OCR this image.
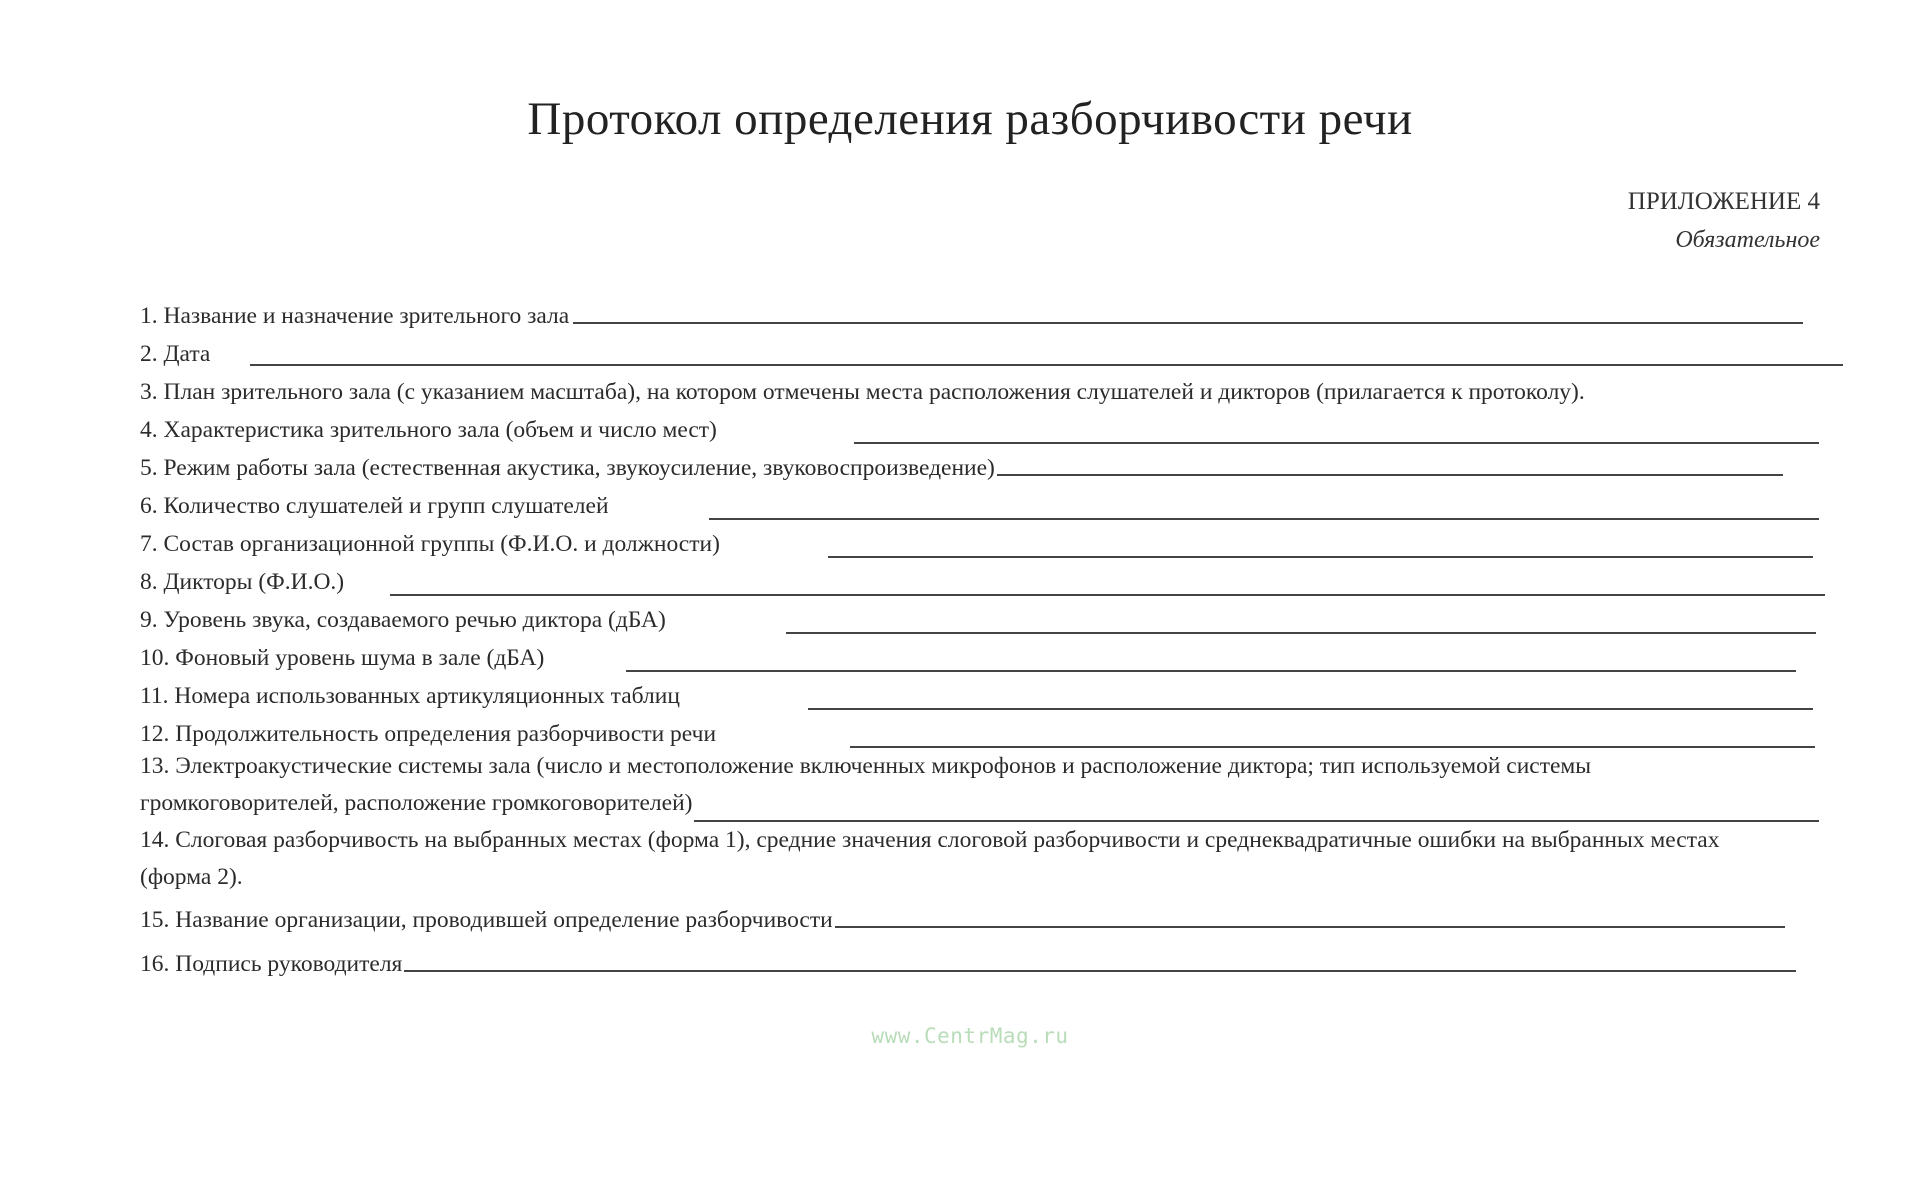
Протокол определения разборчивости речи
ПРИЛОЖЕНИЕ 4
Обязательное
1. Название и назначение зрительного зала
2. Дата
3. План зрительного зала (с указанием масштаба), на котором отмечены места расположения слушателей и дикторов (прилагается к протоколу).
4. Характеристика зрительного зала (объем и число мест)
5. Режим работы зала (естественная акустика, звукоусиление, звуковоспроизведение)
6. Количество слушателей и групп слушателей
7. Состав организационной группы (Ф.И.О. и должности)
8. Дикторы (Ф.И.О.)
9. Уровень звука, создаваемого речью диктора (дБА)
10. Фоновый уровень шума в зале (дБА)
11. Номера использованных артикуляционных таблиц
12. Продолжительность определения разборчивости речи
13. Электроакустические системы зала (число и местоположение включенных микрофонов и расположение диктора; тип используемой системы
громкоговорителей, расположение громкоговорителей)
14. Слоговая разборчивость на выбранных местах (форма 1), средние значения слоговой разборчивости и среднеквадратичные ошибки на выбранных местах
(форма 2).
15. Название организации, проводившей определение разборчивости
16. Подпись руководителя
www.CentrMag.ru
